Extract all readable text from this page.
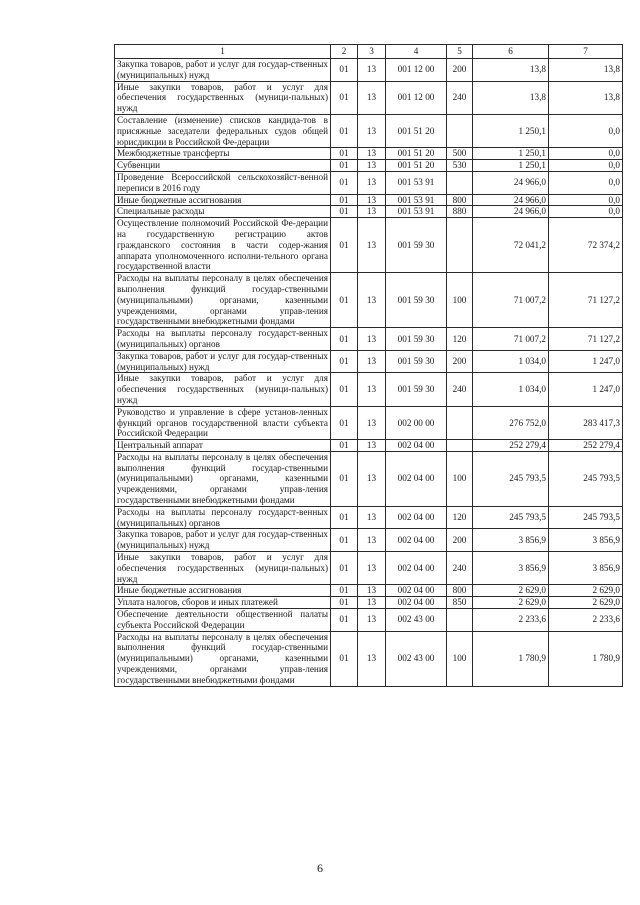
1	2	3	4	5	6	7
Закупка товаров, работ и услуг для государ-ственных (муниципальных) нужд	01	13	001 12 00	200	13,8	13,8
Иные закупки товаров, работ и услуг для обеспечения государственных (муници-пальных) нужд	01	13	001 12 00	240	13,8	13,8
Составление (изменение) списков кандида-тов в присяжные заседатели федеральных судов общей юрисдикции в Российской Фе-дерации	01	13	001 51 20		1 250,1	0,0
Межбюджетные трансферты	01	13	001 51 20	500	1 250,1	0,0
Субвенции	01	13	001 51 20	530	1 250,1	0,0
Проведение Всероссийской сельскохозяйст-венной переписи в 2016 году	01	13	001 53 91		24 966,0	0,0
Иные бюджетные ассигнования	01	13	001 53 91	800	24 966,0	0,0
Специальные расходы	01	13	001 53 91	880	24 966,0	0,0
Осуществление полномочий Российской Фе-дерации на государственную регистрацию актов гражданского состояния в части содер-жания аппарата уполномоченного исполни-тельного органа государственной власти	01	13	001 59 30		72 041,2	72 374,2
Расходы на выплаты персоналу в целях обеспечения выполнения функций государ-ственными (муниципальными) органами, казенными учреждениями, органами управ-ления государственными внебюджетными фондами	01	13	001 59 30	100	71 007,2	71 127,2
Расходы на выплаты персоналу государст-венных (муниципальных) органов	01	13	001 59 30	120	71 007,2	71 127,2
Закупка товаров, работ и услуг для государ-ственных (муниципальных) нужд	01	13	001 59 30	200	1 034,0	1 247,0
Иные закупки товаров, работ и услуг для обеспечения государственных (муници-пальных) нужд	01	13	001 59 30	240	1 034,0	1 247,0
Руководство и управление в сфере установ-ленных функций органов государственной власти субъекта Российской Федерации	01	13	002 00 00		276 752,0	283 417,3
Центральный аппарат	01	13	002 04 00		252 279,4	252 279,4
Расходы на выплаты персоналу в целях обеспечения выполнения функций государ-ственными (муниципальными) органами, казенными учреждениями, органами управ-ления государственными внебюджетными фондами	01	13	002 04 00	100	245 793,5	245 793,5
Расходы на выплаты персоналу государст-венных (муниципальных) органов	01	13	002 04 00	120	245 793,5	245 793,5
Закупка товаров, работ и услуг для государ-ственных (муниципальных) нужд	01	13	002 04 00	200	3 856,9	3 856,9
Иные закупки товаров, работ и услуг для обеспечения государственных (муници-пальных) нужд	01	13	002 04 00	240	3 856,9	3 856,9
Иные бюджетные ассигнования	01	13	002 04 00	800	2 629,0	2 629,0
Уплата налогов, сборов и иных платежей	01	13	002 04 00	850	2 629,0	2 629,0
Обеспечение деятельности общественной палаты субъекта Российской Федерации	01	13	002 43 00		2 233,6	2 233,6
Расходы на выплаты персоналу в целях обеспечения выполнения функций государ-ственными (муниципальными) органами, казенными учреждениями, органами управ-ления государственными внебюджетными фондами	01	13	002 43 00	100	1 780,9	1 780,9
6
